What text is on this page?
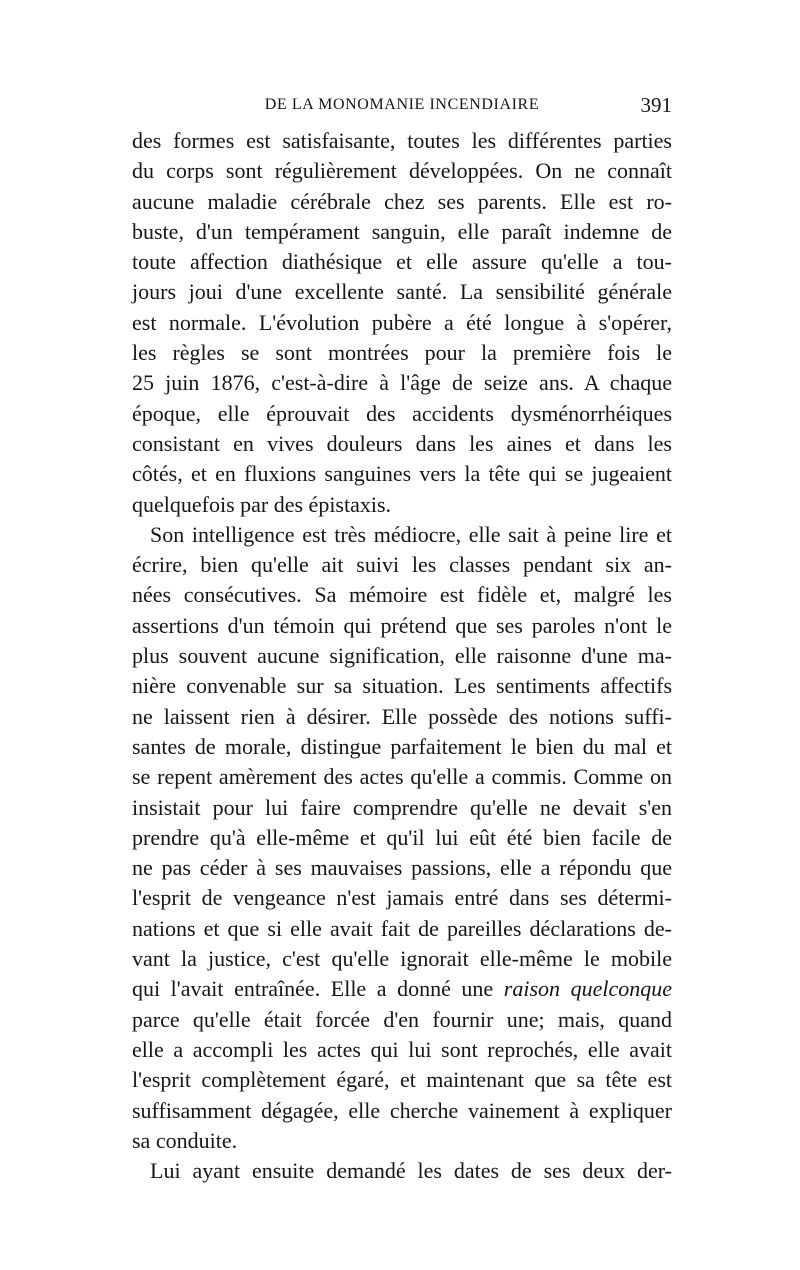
DE LA MONOMANIE INCENDIAIRE	391
des formes est satisfaisante, toutes les différentes parties
du corps sont régulièrement développées. On ne connaît
aucune maladie cérébrale chez ses parents. Elle est ro-
buste, d'un tempérament sanguin, elle paraît indemne de
toute affection diathésique et elle assure qu'elle a tou-
jours joui d'une excellente santé. La sensibilité générale
est normale. L'évolution pubère a été longue à s'opérer,
les règles se sont montrées pour la première fois le
25 juin 1876, c'est-à-dire à l'âge de seize ans. A chaque
époque, elle éprouvait des accidents dysménorrhéiques
consistant en vives douleurs dans les aines et dans les
côtés, et en fluxions sanguines vers la tête qui se jugeaient
quelquefois par des épistaxis.
Son intelligence est très médiocre, elle sait à peine lire et
écrire, bien qu'elle ait suivi les classes pendant six an-
nées consécutives. Sa mémoire est fidèle et, malgré les
assertions d'un témoin qui prétend que ses paroles n'ont le
plus souvent aucune signification, elle raisonne d'une ma-
nière convenable sur sa situation. Les sentiments affectifs
ne laissent rien à désirer. Elle possède des notions suffi-
santes de morale, distingue parfaitement le bien du mal et
se repent amèrement des actes qu'elle a commis. Comme on
insistait pour lui faire comprendre qu'elle ne devait s'en
prendre qu'à elle-même et qu'il lui eût été bien facile de
ne pas céder à ses mauvaises passions, elle a répondu que
l'esprit de vengeance n'est jamais entré dans ses détermi-
nations et que si elle avait fait de pareilles déclarations de-
vant la justice, c'est qu'elle ignorait elle-même le mobile
qui l'avait entraînée. Elle a donné une raison quelconque
parce qu'elle était forcée d'en fournir une; mais, quand
elle a accompli les actes qui lui sont reprochés, elle avait
l'esprit complètement égaré, et maintenant que sa tête est
suffisamment dégagée, elle cherche vainement à expliquer
sa conduite.
Lui ayant ensuite demandé les dates de ses deux der-
